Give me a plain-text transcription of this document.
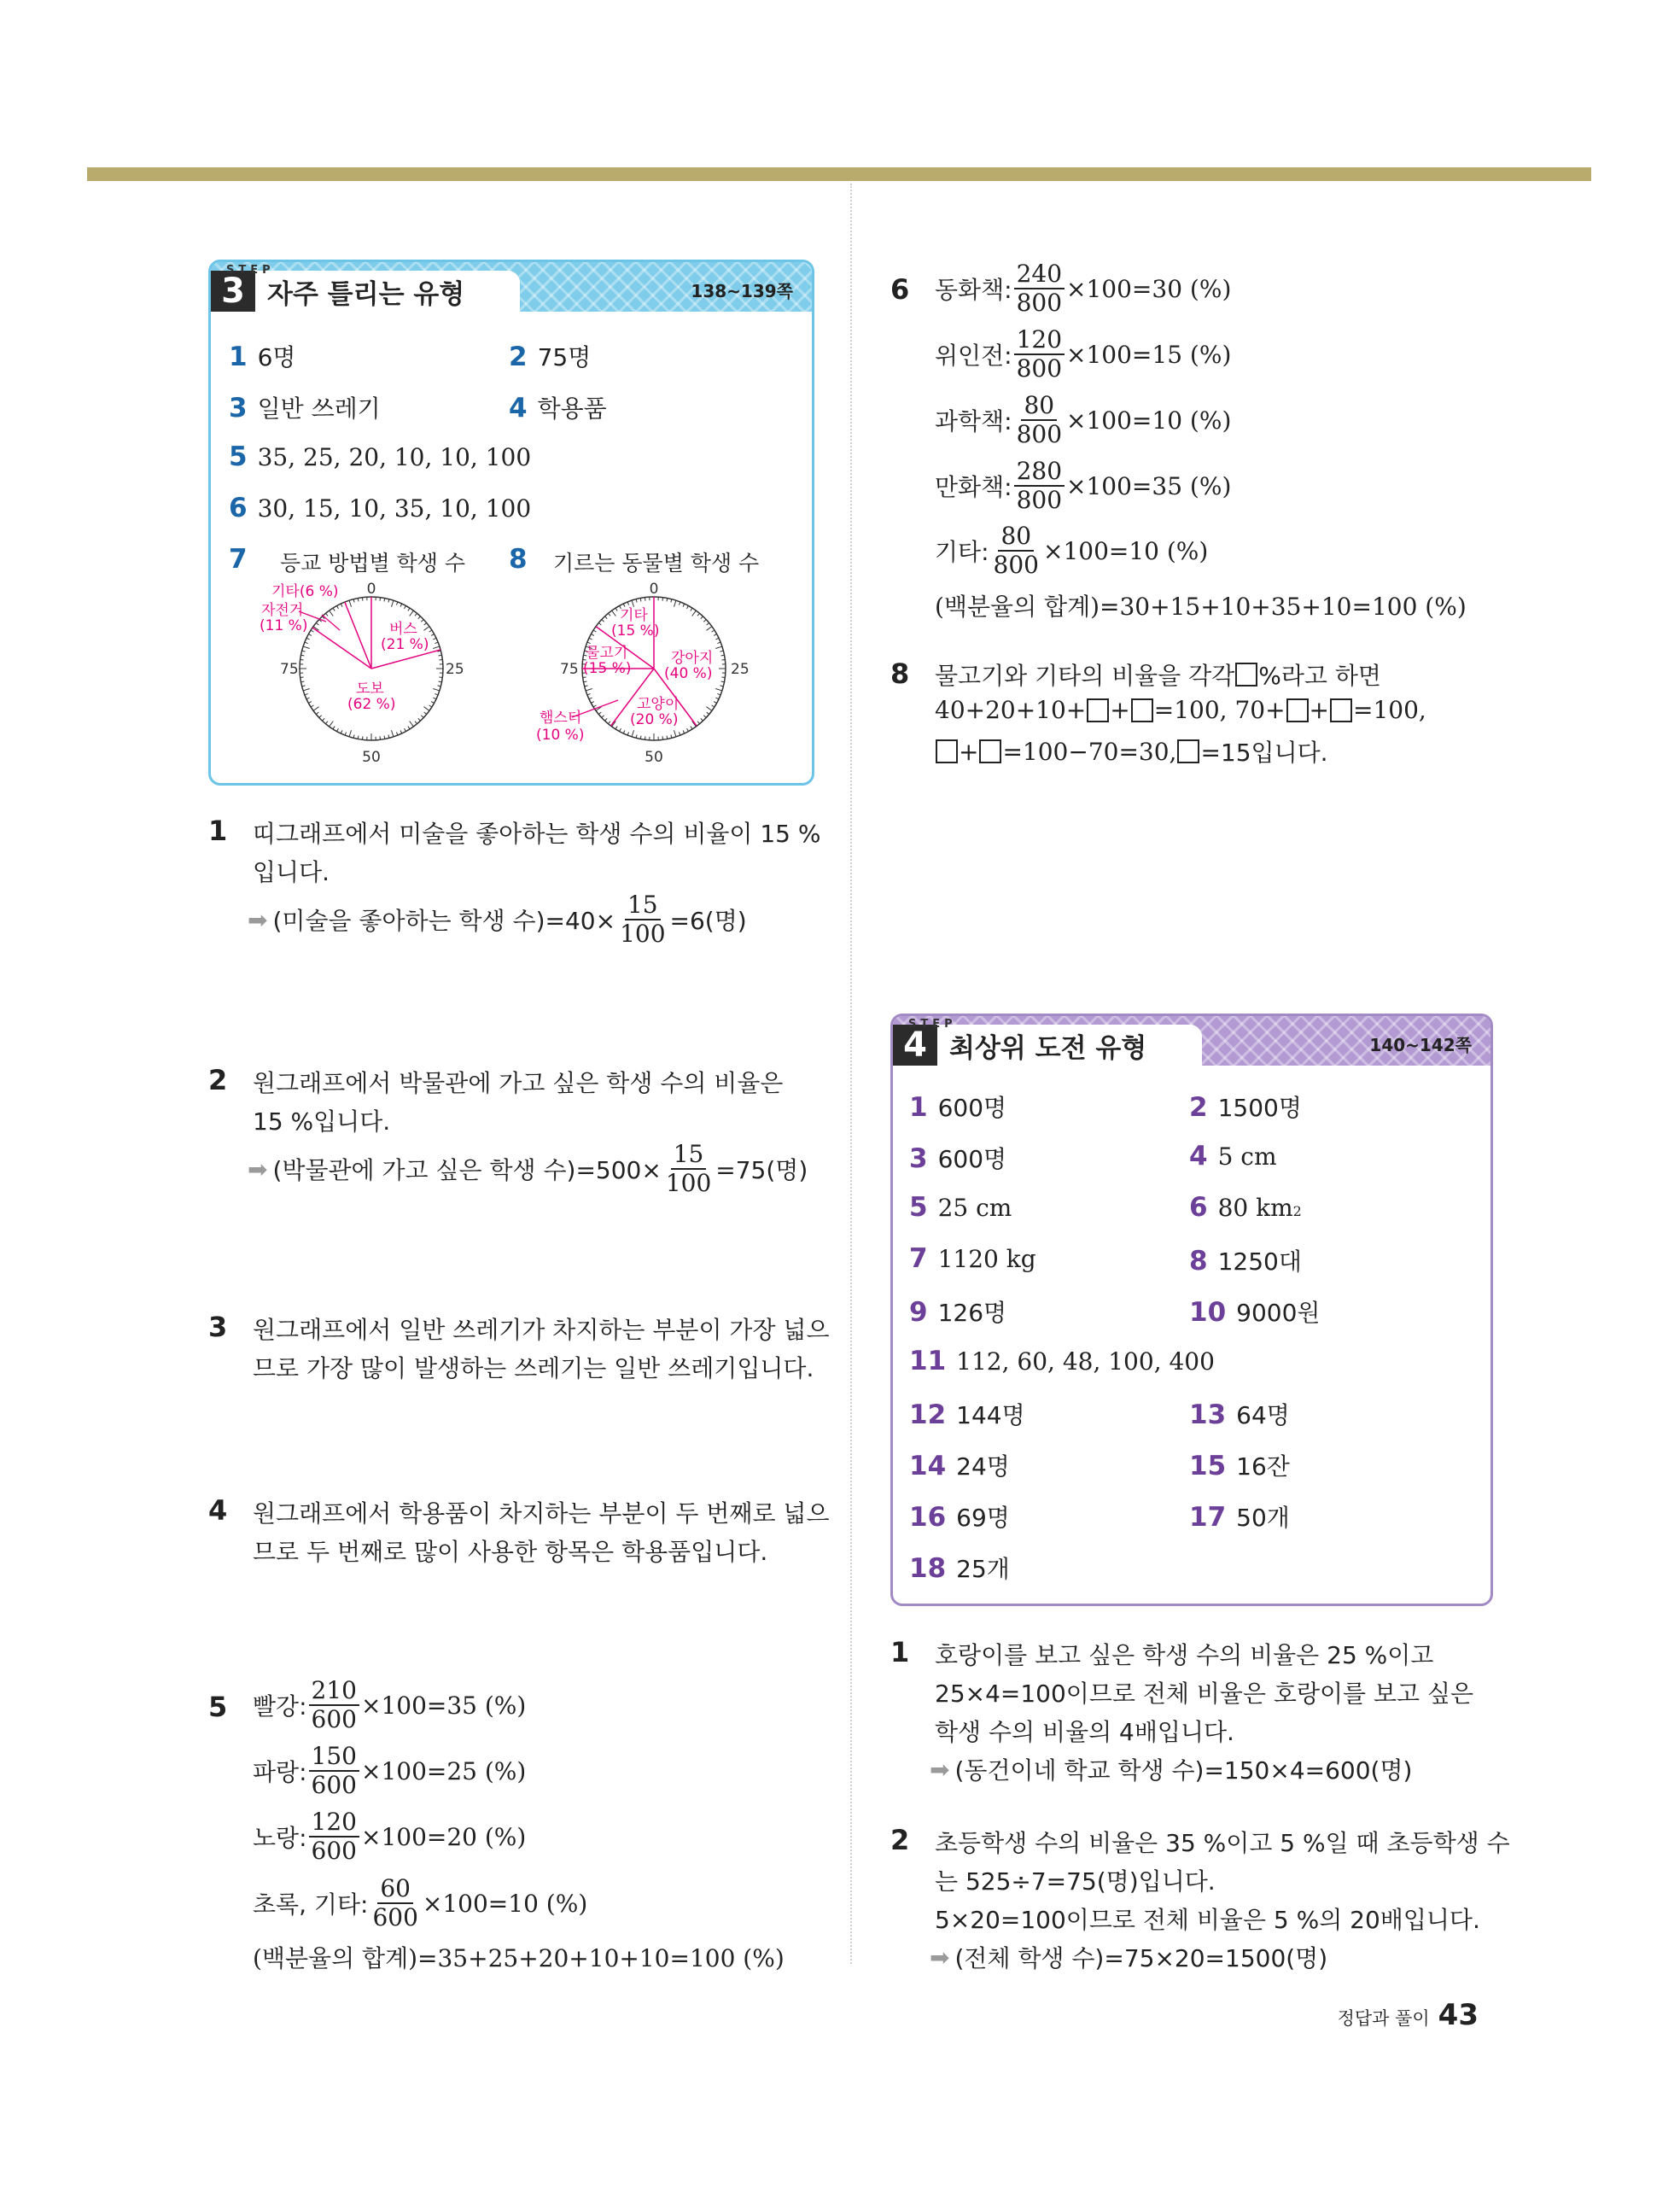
STEP
3 자주 틀리는 유형	138~139쪽
1 6명	2 75명
3 일반 쓰레기	4 학용품
5 35, 25, 20, 10, 10, 100
6 30, 15, 10, 35, 10, 100
7 등교 방법별 학생 수 8 기르는 동물별 학생 수
0
25
50
75
기타(6 %)
자전거
(11 %)	버스
(21 %)
도보
(62 %)
0
25
50
75
기타
(15 %)
물고기
(15 %)
강아지
(40 %)
고양이
(20 %)
햄스터
(10 %)
1 띠그래프에서 미술을 좋아하는 학생 수의 비율이 15 %
입니다.
➡ (미술을 좋아하는 학생 수)$=40\times \frac{15}{100} =6$(명)
2 원그래프에서 박물관에 가고 싶은 학생 수의 비율은
15 %입니다.
➡ (박물관에 가고 싶은 학생 수)$=500\times \frac{15}{100} =75$(명)
3 원그래프에서 일반 쓰레기가 차지하는 부분이 가장 넓으
므로 가장 많이 발생하는 쓰레기는 일반 쓰레기입니다.
4 원그래프에서 학용품이 차지하는 부분이 두 번째로 넓으
므로 두 번째로 많이 사용한 항목은 학용품입니다.
5 빨강: $\frac{210}{600} \times 100=35$ (%)
파랑: $\frac{150}{600} \times 100=25$ (%)
노랑: $\frac{120}{600} \times 100=20$ (%)
초록, 기타: $\frac{60}{600} \times 100=10$ (%)
(백분율의 합계)=35+25+20+10+10=100 (%)
6 동화책: $\frac{240}{800} \times 100=30$ (%)
위인전: $\frac{120}{800} \times 100=15$ (%)
과학책: $\frac{80}{800} \times 100=10$ (%)
만화책: $\frac{280}{800} \times 100=35$ (%)
기타: $\frac{80}{800} \times 100=10$ (%)
(백분율의 합계)=30+15+10+35+10=100 (%)
8 물고기와 기타의 비율을 각각 %라고 하면
40+20+10+ + =100, 70+ + =100,
+ =100−70=30, =15입니다.
STEP
4 최상위 도전 유형	140~142쪽
1 600명	2 1500명
3 600명	4 5 cm
5 25 cm	6 80 km 2
7 1120 kg	8 1250대
9 126명	10 9000원
11 112, 60, 48, 100, 400
12 144명	13 64명
14 24명	15 16잔
16 69명	17 50개
18 25개
1 호랑이를 보고 싶은 학생 수의 비율은 25 %이고
25×4=100이므로 전체 비율은 호랑이를 보고 싶은
학생 수의 비율의 4배입니다.
➡ (동건이네 학교 학생 수)=150×4=600(명)
2 초등학생 수의 비율은 35 %이고 5 %일 때 초등학생 수
는 525÷7=75(명)입니다.
5×20=100이므로 전체 비율은 5 %의 20배입니다.
➡ (전체 학생 수)=75×20=1500(명)
정답과 풀이 43
